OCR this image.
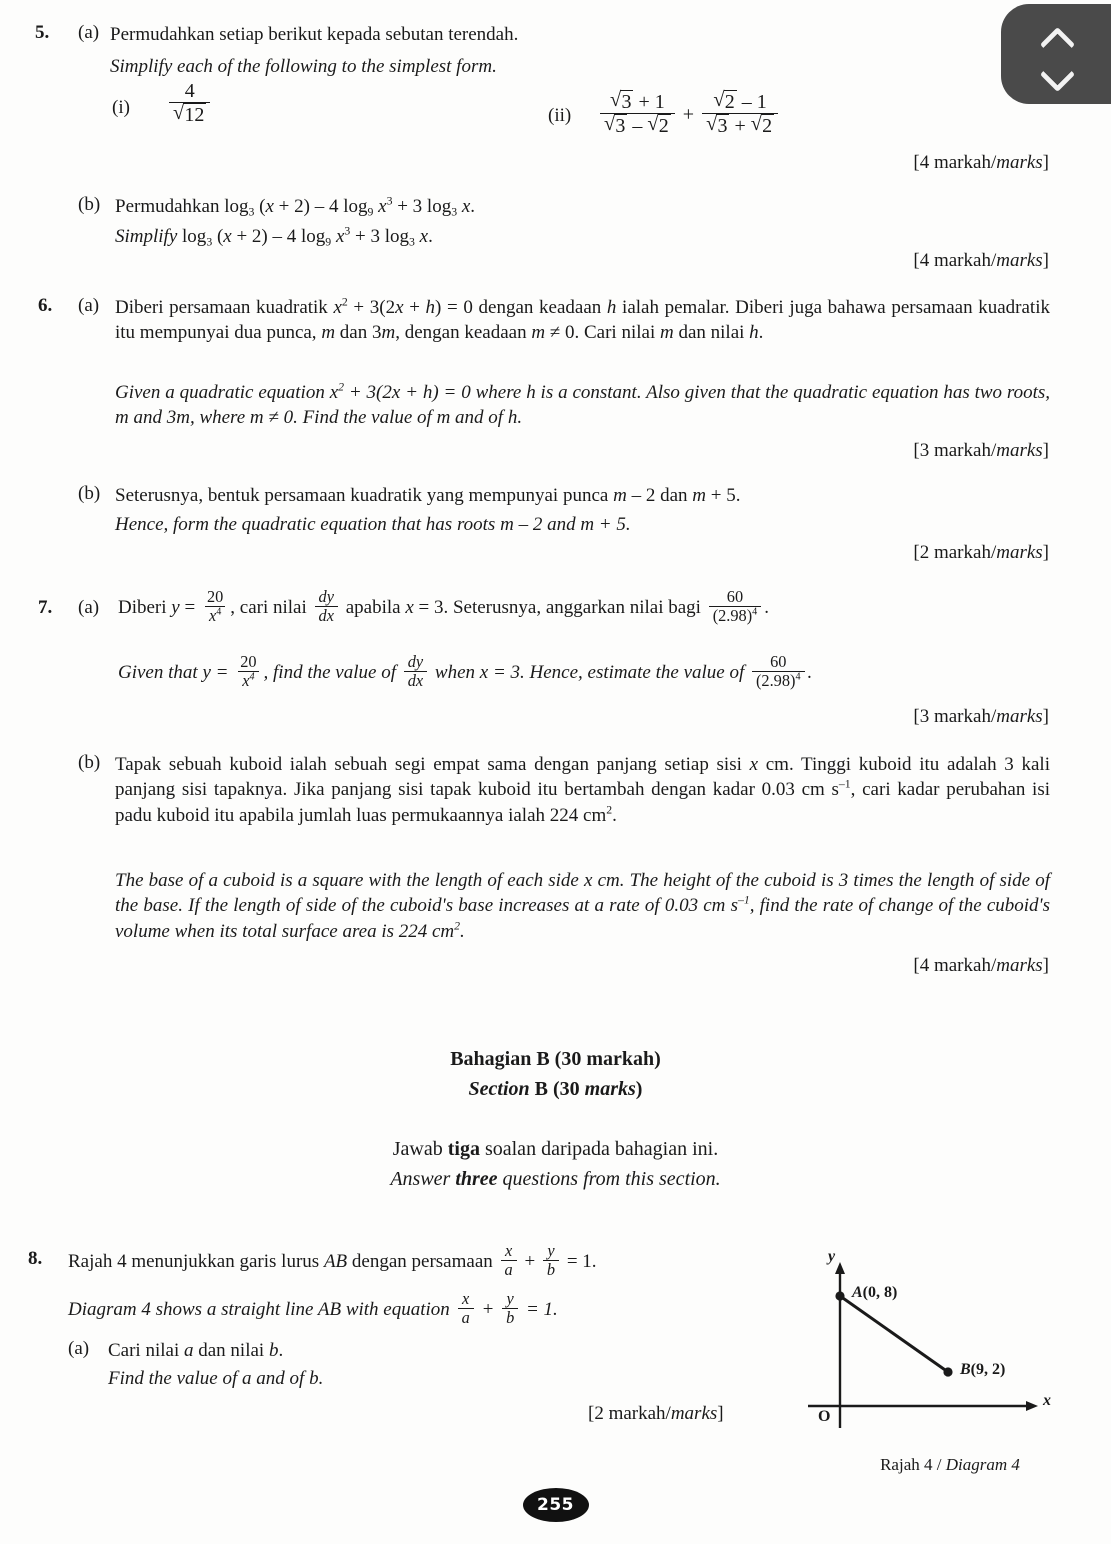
5. (a) Permudahkan setiap berikut kepada sebutan terendah.
Simplify each of the following to the simplest form.
(i) 4
√ 12	(ii) √ 3 + 1
√ 3 – √ 2 + √ 2 – 1
√ 3 + √ 2
[4 markah/marks]
(b) Permudahkan $\log_3 (x + 2) - 4$ $\log_9 x^3 + 3$ $\log_3 x$.
Simplify $\log_3 (x + 2) - 4$ $\log_9 x^3 + 3$ $\log_3 x$.
[4 markah/marks]
6. (a) Diberi persamaan kuadratik $x^2 + 3(2x + h) = 0$ dengan keadaan h ialah pemalar. Diberi juga bahawa persamaan kuadratik itu mempunyai dua punca, m dan 3m, dengan keadaan m ≠ 0. Cari nilai m dan nilai h.
Given a quadratic equation $x^2 + 3(2x + h) = 0$ where h is a constant. Also given that the quadratic equation has two roots, m and 3m, where m ≠ 0. Find the value of m and of h.
[3 markah/marks]
(b) Seterusnya, bentuk persamaan kuadratik yang mempunyai punca m – 2 dan m + 5.
Hence, form the quadratic equation that has roots m – 2 and m + 5.
[2 markah/marks]
7. (a) Diberi $y = \frac{20}{x^4}$ , cari nilai $\frac{dy}{dx}$ apabila x = 3. Seterusnya, anggarkan nilai bagi $\frac{60}{(2.98)^4}$ .
Given that $y = \frac{20}{x^4}$ , find the value of $\frac{dy}{dx}$ when x = 3. Hence, estimate the value of $\frac{60}{(2.98)^4}$ .
[3 markah/marks]
(b) Tapak sebuah kuboid ialah sebuah segi empat sama dengan panjang setiap sisi x cm. Tinggi kuboid itu adalah 3 kali panjang sisi tapaknya. Jika panjang sisi tapak kuboid itu bertambah dengan kadar 0.03 cm $s^{-1}$, cari kadar perubahan isi padu kuboid itu apabila jumlah luas permukaannya ialah 224 $cm^2$.
The base of a cuboid is a square with the length of each side x cm. The height of the cuboid is 3 times the length of side of the base. If the length of side of the cuboid's base increases at a rate of 0.03 cm $s^{-1}$, find the rate of change of the cuboid's volume when its total surface area is 224 $cm^2$.
[4 markah/marks]
Bahagian B (30 markah)
Section B (30 marks)
Jawab tiga soalan daripada bahagian ini.
Answer three questions from this section.
8. Rajah 4 menunjukkan garis lurus AB dengan persamaan $\frac{x}{a} + \frac{y}{b} = 1$.
Diagram 4 shows a straight line AB with equation $\frac{x}{a} + \frac{y}{b} = 1$.
(a) Cari nilai a dan nilai b.
Find the value of a and of b.
[2 markah/marks]
y
x
O
A(0, 8)
B(9, 2)
Rajah 4 / Diagram 4
255
